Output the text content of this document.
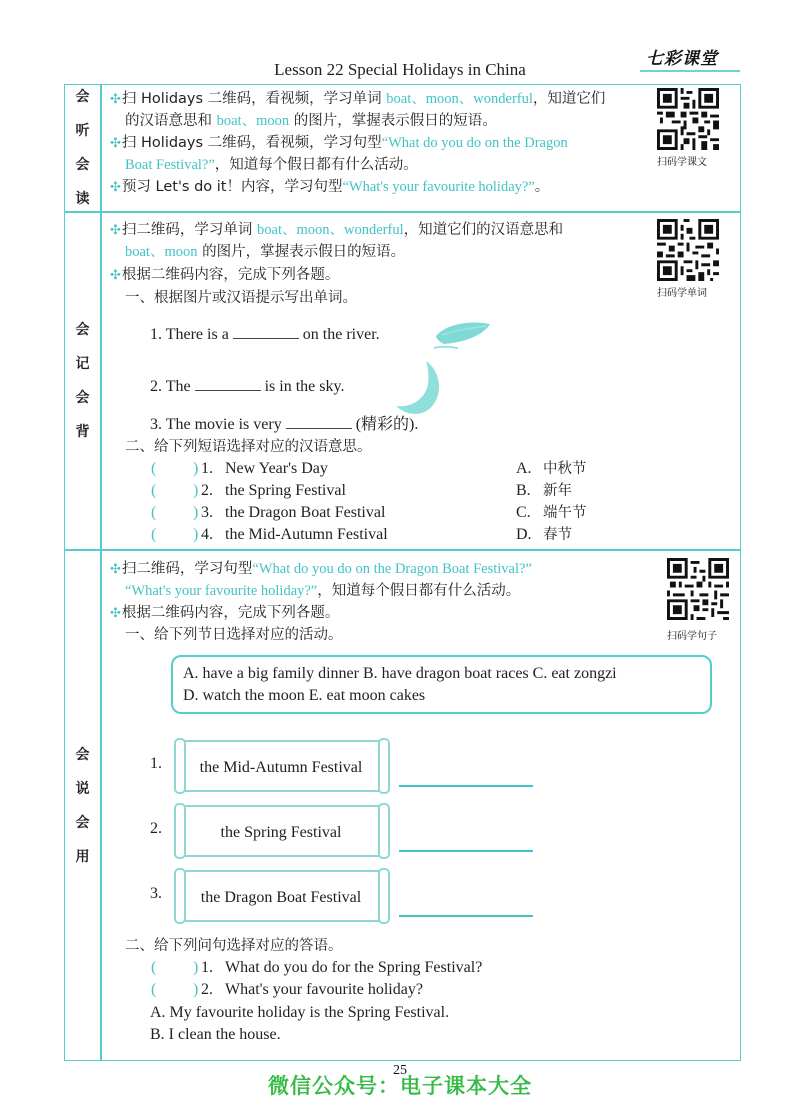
Lesson 22 Special Holidays in China
七彩课堂
会
听
会
读
会
记
会
背
会
说
会
用
✣扫 Holidays 二维码，看视频，学习单词 boat、moon、wonderful，知道它们
的汉语意思和 boat、moon 的图片，掌握表示假日的短语。
✣扫 Holidays 二维码，看视频，学习句型“What do you do on the Dragon
Boat Festival?”，知道每个假日都有什么活动。
✣预习 Let's do it！内容，学习句型“What's your favourite holiday?”。
扫码学课文
✣扫二维码，学习单词 boat、moon、wonderful，知道它们的汉语意思和
boat、moon 的图片，掌握表示假日的短语。
✣根据二维码内容，完成下列各题。
一、根据图片或汉语提示写出单词。
1. There is a	on the river.
2. The	is in the sky.
3. The movie is very	(精彩的).
二、给下列短语选择对应的汉语意思。
( ) 1. New Year's Day	A. 中秋节
( ) 2. the Spring Festival	B. 新年
( ) 3. the Dragon Boat Festival	C. 端午节
( ) 4. the Mid-Autumn Festival	D. 春节
扫码学单词
✣扫二维码，学习句型“What do you do on the Dragon Boat Festival?”
“What's your favourite holiday?”，知道每个假日都有什么活动。
✣根据二维码内容，完成下列各题。
一、给下列节日选择对应的活动。	扫码学句子
A. have a big family dinner B. have dragon boat races C. eat zongzi
D. watch the moon E. eat moon cakes
1.	the Mid-Autumn Festival
2.	the Spring Festival
3.	the Dragon Boat Festival
二、给下列问句选择对应的答语。
( ) 1. What do you do for the Spring Festival?
( ) 2. What's your favourite holiday?
A. My favourite holiday is the Spring Festival.
B. I clean the house.
25
微信公众号：电子课本大全
